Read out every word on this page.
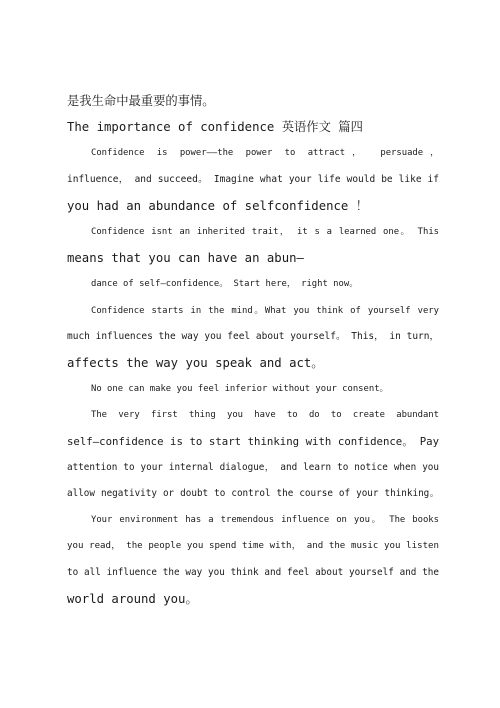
是我生命中最重要的事情。
The importance of confidence 英语作文 篇四
Confidence is power——the power to attract， persuade，
influence， and succeed。 Imagine what your life would be like if
you had an abundance of selfconfidence ！
Confidence isnt an inherited trait， it s a learned one。 This
means that you can have an abun—
dance of self—confidence。 Start here， right now。
Confidence starts in the mind。What you think of yourself very
much influences the way you feel about yourself。 This， in turn，
affects the way you speak and act。
No one can make you feel inferior without your consent。
The very first thing you have to do to create abundant
self—confidence is to start thinking with confidence。 Pay
attention to your internal dialogue， and learn to notice when you
allow negativity or doubt to control the course of your thinking。
Your environment has a tremendous influence on you。 The books
you read， the people you spend time with， and the music you listen
to all influence the way you think and feel about yourself and the
world around you。
